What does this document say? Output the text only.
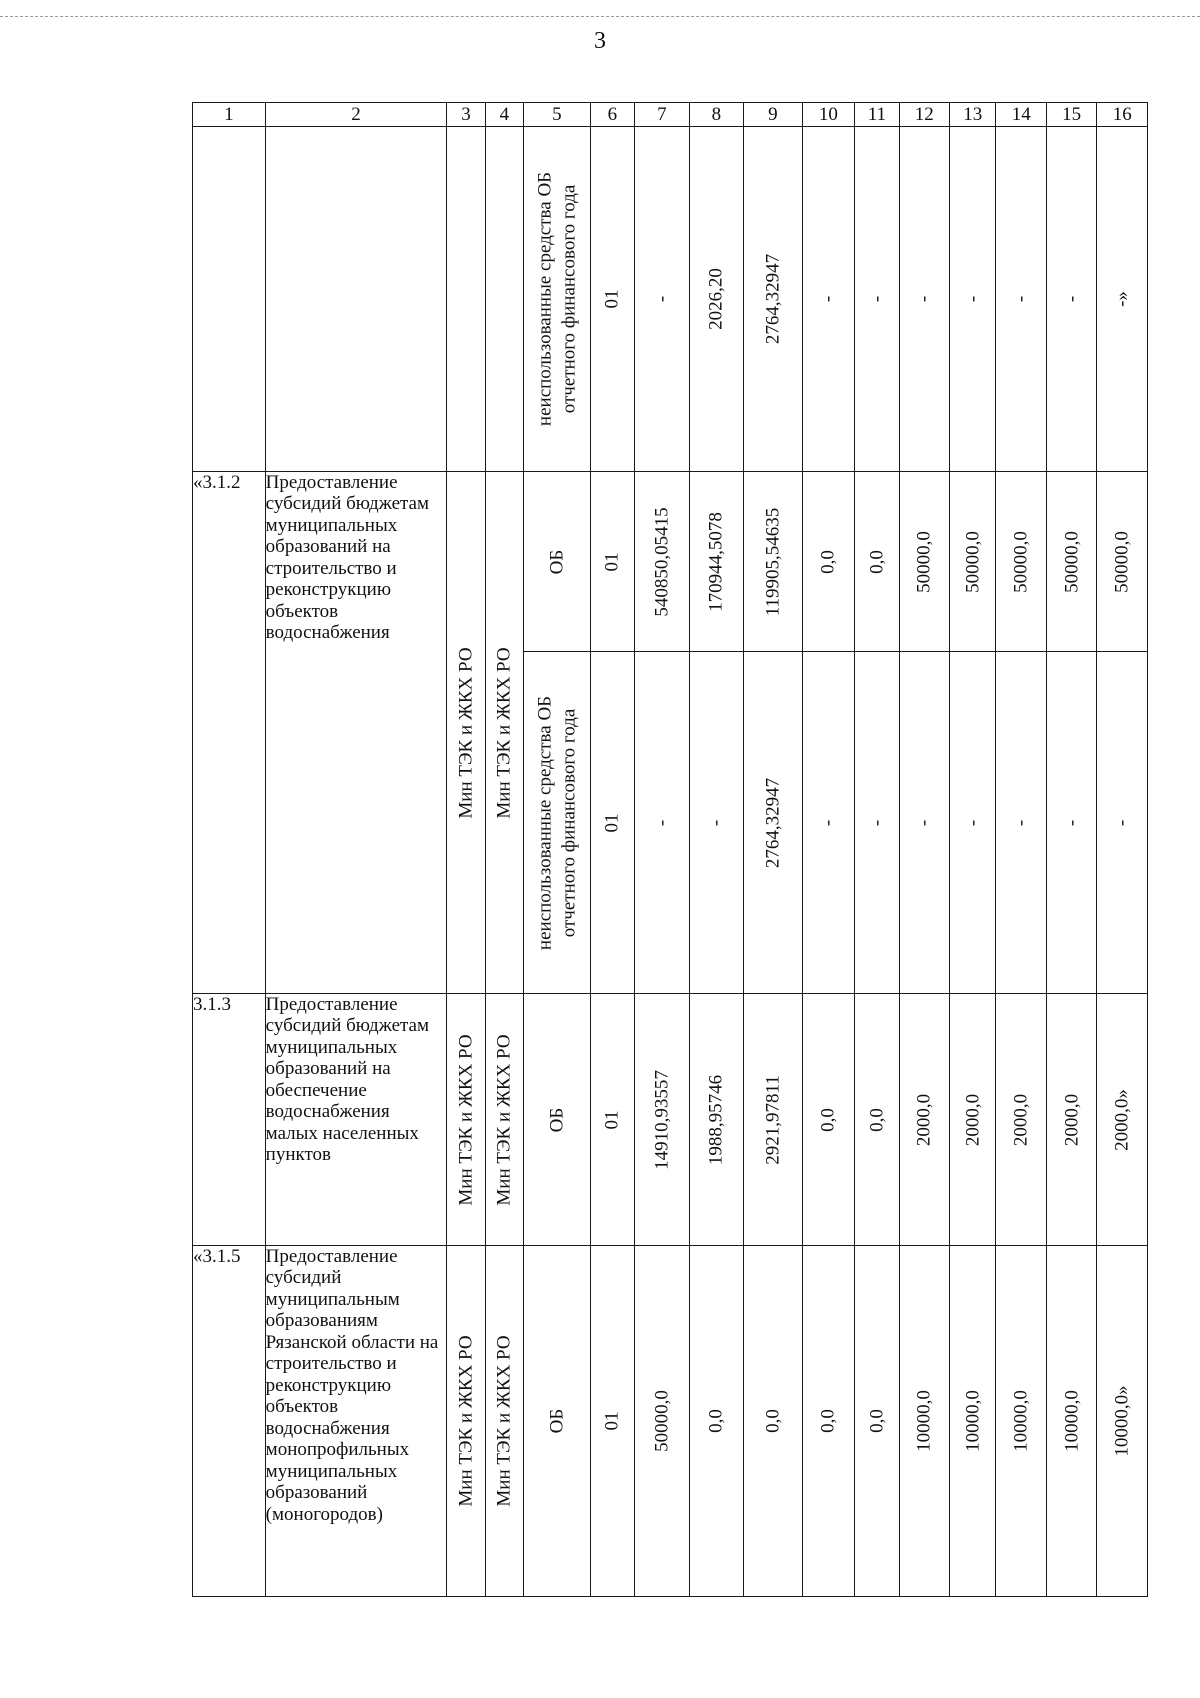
3
1	2	3	4	5	6	7	8	9	10	11	12	13	14	15	16

				неиспользованные средства ОБ отчетного финансового года	01	-	2026,20	2764,32947	-	-	-	-	-	-	-»

«3.1.2	Предоставление субсидий бюджетам муниципальных образований на строительство и реконструкцию объектов водоснабжения	Мин ТЭК и ЖКХ РО	Мин ТЭК и ЖКХ РО	ОБ	01	540850,05415	170944,5078	119905,54635	0,0	0,0	50000,0	50000,0	50000,0	50000,0	50000,0

				неиспользованные средства ОБ отчетного финансового года	01	-	-	2764,32947	-	-	-	-	-	-	-

3.1.3	Предоставление субсидий бюджетам муниципальных образований на обеспечение водоснабжения малых населенных пунктов	Мин ТЭК и ЖКХ РО	Мин ТЭК и ЖКХ РО	ОБ	01	14910,93557	1988,95746	2921,97811	0,0	0,0	2000,0	2000,0	2000,0	2000,0	2000,0»

«3.1.5	Предоставление субсидий муниципальным образованиям Рязанской области на строительство и реконструкцию объектов водоснабжения монопрофильных муниципальных образований (моногородов)	Мин ТЭК и ЖКХ РО	Мин ТЭК и ЖКХ РО	ОБ	01	50000,0	0,0	0,0	0,0	0,0	10000,0	10000,0	10000,0	10000,0	10000,0»
